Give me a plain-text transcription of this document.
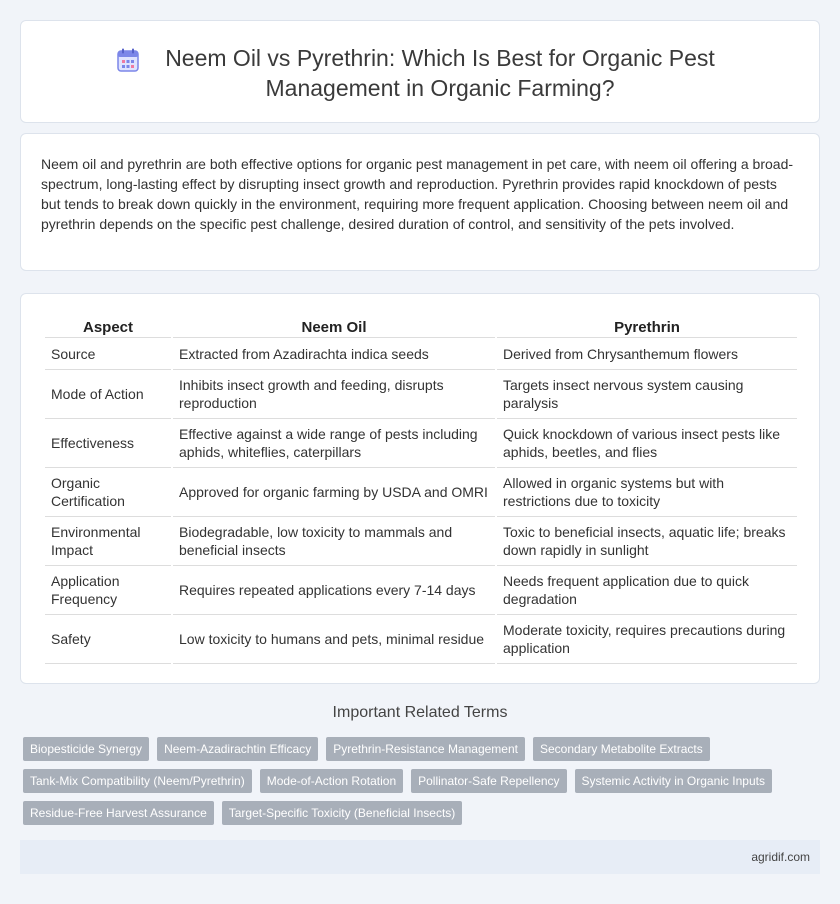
Neem Oil vs Pyrethrin: Which Is Best for Organic Pest Management in Organic Farming?

Neem oil and pyrethrin are both effective options for organic pest management in pet care, with neem oil offering a broad-spectrum, long-lasting effect by disrupting insect growth and reproduction. Pyrethrin provides rapid knockdown of pests but tends to break down quickly in the environment, requiring more frequent application. Choosing between neem oil and pyrethrin depends on the specific pest challenge, desired duration of control, and sensitivity of the pets involved.

Aspect	Neem Oil	Pyrethrin
Source	Extracted from Azadirachta indica seeds	Derived from Chrysanthemum flowers
Mode of Action	Inhibits insect growth and feeding, disrupts reproduction	Targets insect nervous system causing paralysis
Effectiveness	Effective against a wide range of pests including aphids, whiteflies, caterpillars	Quick knockdown of various insect pests like aphids, beetles, and flies
Organic Certification	Approved for organic farming by USDA and OMRI	Allowed in organic systems but with restrictions due to toxicity
Environmental Impact	Biodegradable, low toxicity to mammals and beneficial insects	Toxic to beneficial insects, aquatic life; breaks down rapidly in sunlight
Application Frequency	Requires repeated applications every 7-14 days	Needs frequent application due to quick degradation
Safety	Low toxicity to humans and pets, minimal residue	Moderate toxicity, requires precautions during application
Important Related Terms
Biopesticide Synergy	Neem-Azadirachtin Efficacy	Pyrethrin-Resistance Management	Secondary Metabolite Extracts
Tank-Mix Compatibility (Neem/Pyrethrin)	Mode-of-Action Rotation	Pollinator-Safe Repellency	Systemic Activity in Organic Inputs
Residue-Free Harvest Assurance	Target-Specific Toxicity (Beneficial Insects)
agridif.com
